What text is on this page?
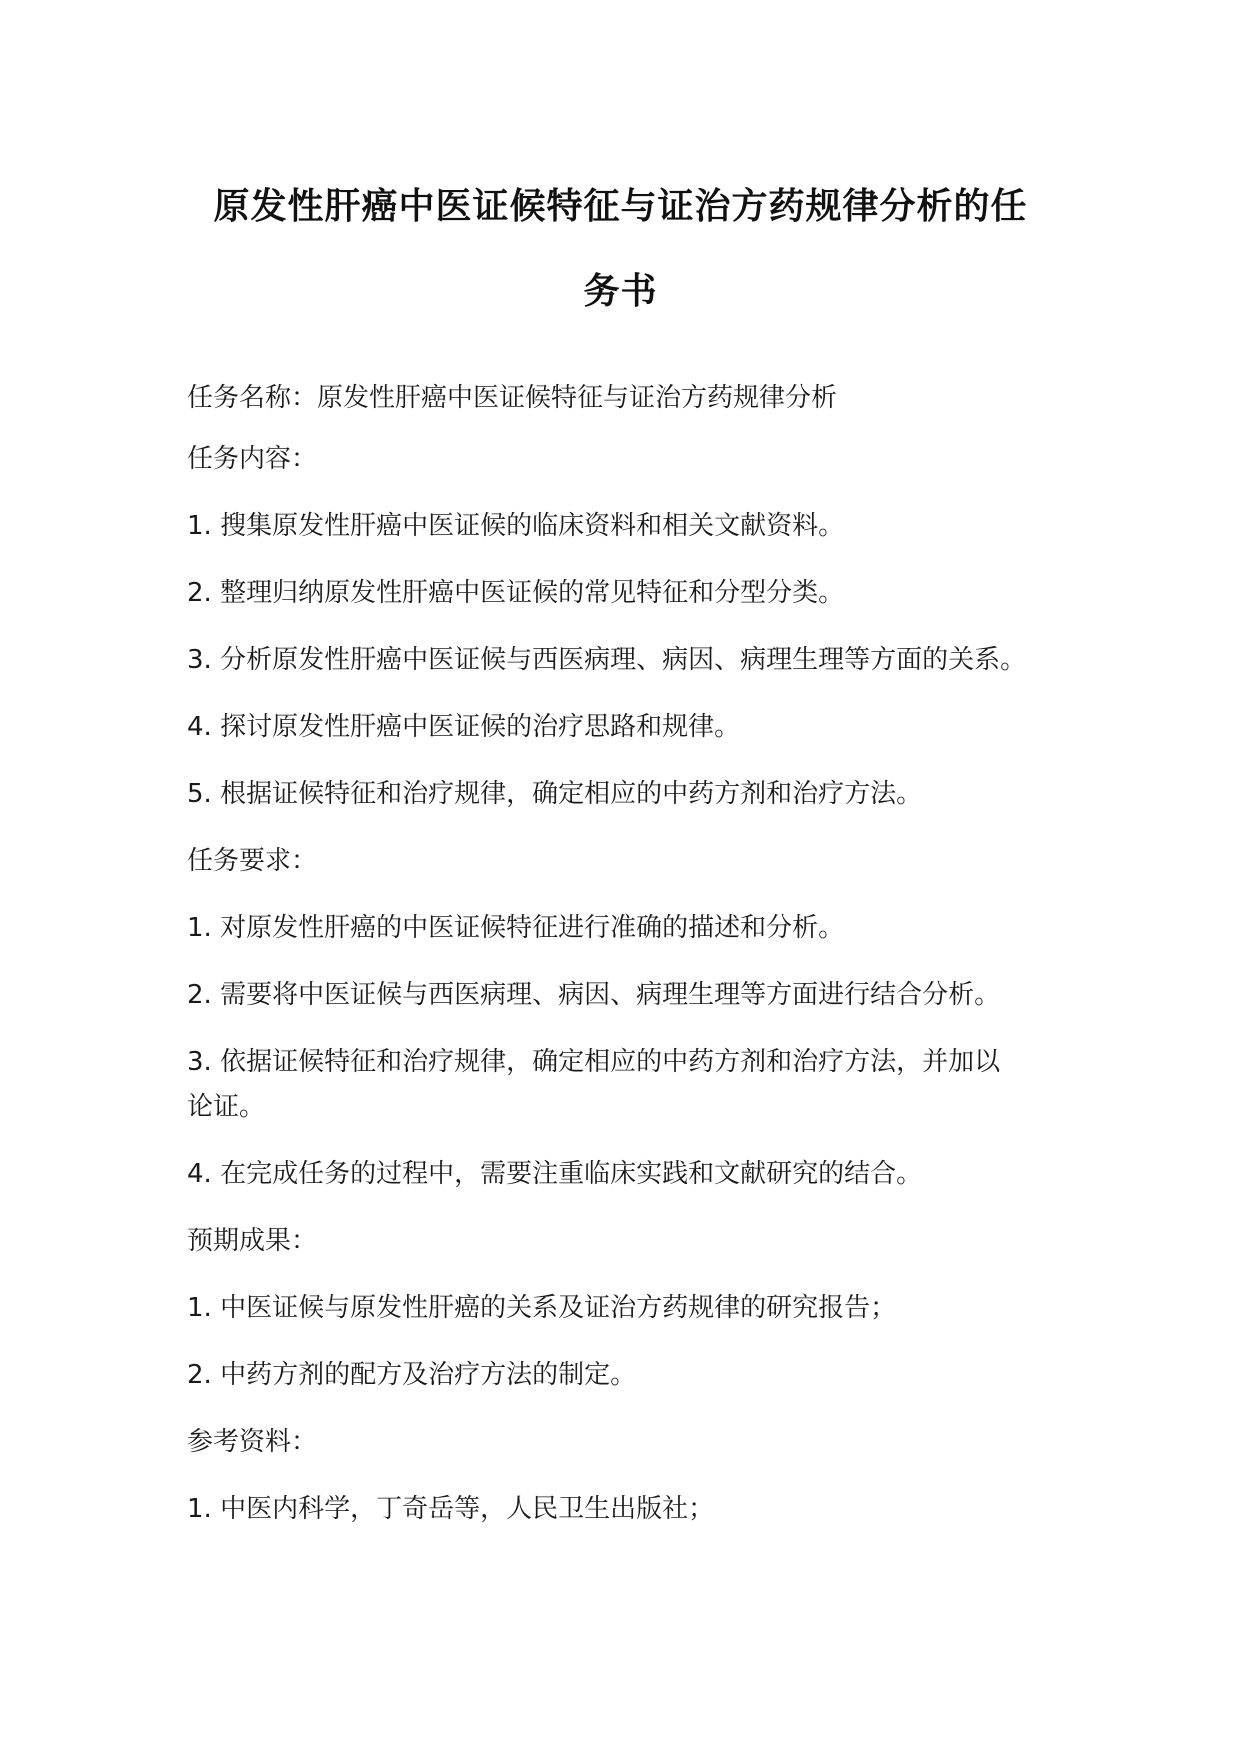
原发性肝癌中医证候特征与证治方药规律分析的任
务书
任务名称：原发性肝癌中医证候特征与证治方药规律分析
任务内容：
1. 搜集原发性肝癌中医证候的临床资料和相关文献资料。
2. 整理归纳原发性肝癌中医证候的常见特征和分型分类。
3. 分析原发性肝癌中医证候与西医病理、病因、病理生理等方面的关系。
4. 探讨原发性肝癌中医证候的治疗思路和规律。
5. 根据证候特征和治疗规律，确定相应的中药方剂和治疗方法。
任务要求：
1. 对原发性肝癌的中医证候特征进行准确的描述和分析。
2. 需要将中医证候与西医病理、病因、病理生理等方面进行结合分析。
3. 依据证候特征和治疗规律，确定相应的中药方剂和治疗方法，并加以
论证。
4. 在完成任务的过程中，需要注重临床实践和文献研究的结合。
预期成果：
1. 中医证候与原发性肝癌的关系及证治方药规律的研究报告；
2. 中药方剂的配方及治疗方法的制定。
参考资料：
1. 中医内科学，丁奇岳等，人民卫生出版社；
